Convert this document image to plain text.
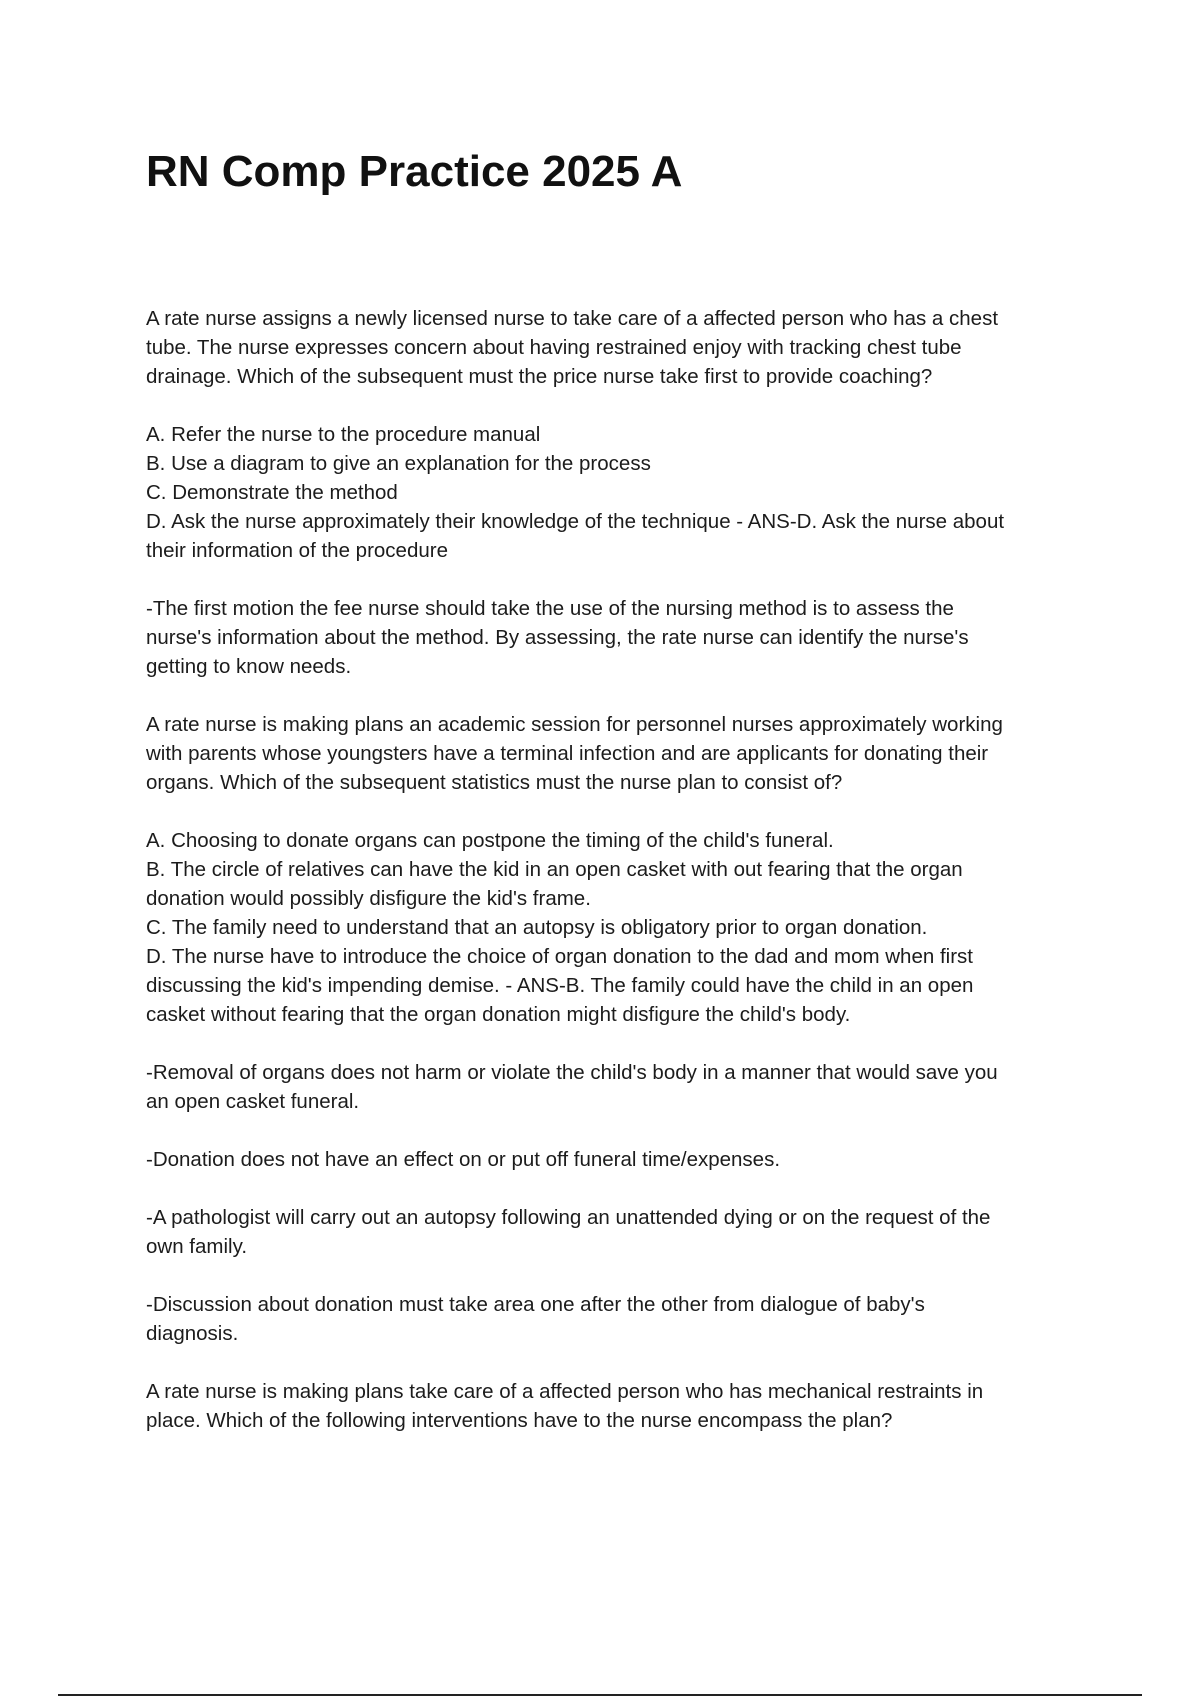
RN Comp Practice 2025 A

A rate nurse assigns a newly licensed nurse to take care of a affected person who has a chest
tube. The nurse expresses concern about having restrained enjoy with tracking chest tube
drainage. Which of the subsequent must the price nurse take first to provide coaching?

A. Refer the nurse to the procedure manual
B. Use a diagram to give an explanation for the process
C. Demonstrate the method
D. Ask the nurse approximately their knowledge of the technique - ANS-D. Ask the nurse about
their information of the procedure

-The first motion the fee nurse should take the use of the nursing method is to assess the
nurse's information about the method. By assessing, the rate nurse can identify the nurse's
getting to know needs.

A rate nurse is making plans an academic session for personnel nurses approximately working
with parents whose youngsters have a terminal infection and are applicants for donating their
organs. Which of the subsequent statistics must the nurse plan to consist of?

A. Choosing to donate organs can postpone the timing of the child's funeral.
B. The circle of relatives can have the kid in an open casket with out fearing that the organ
donation would possibly disfigure the kid's frame.
C. The family need to understand that an autopsy is obligatory prior to organ donation.
D. The nurse have to introduce the choice of organ donation to the dad and mom when first
discussing the kid's impending demise. - ANS-B. The family could have the child in an open
casket without fearing that the organ donation might disfigure the child's body.

-Removal of organs does not harm or violate the child's body in a manner that would save you
an open casket funeral.

-Donation does not have an effect on or put off funeral time/expenses.

-A pathologist will carry out an autopsy following an unattended dying or on the request of the
own family.

-Discussion about donation must take area one after the other from dialogue of baby's
diagnosis.

A rate nurse is making plans take care of a affected person who has mechanical restraints in
place. Which of the following interventions have to the nurse encompass the plan?
